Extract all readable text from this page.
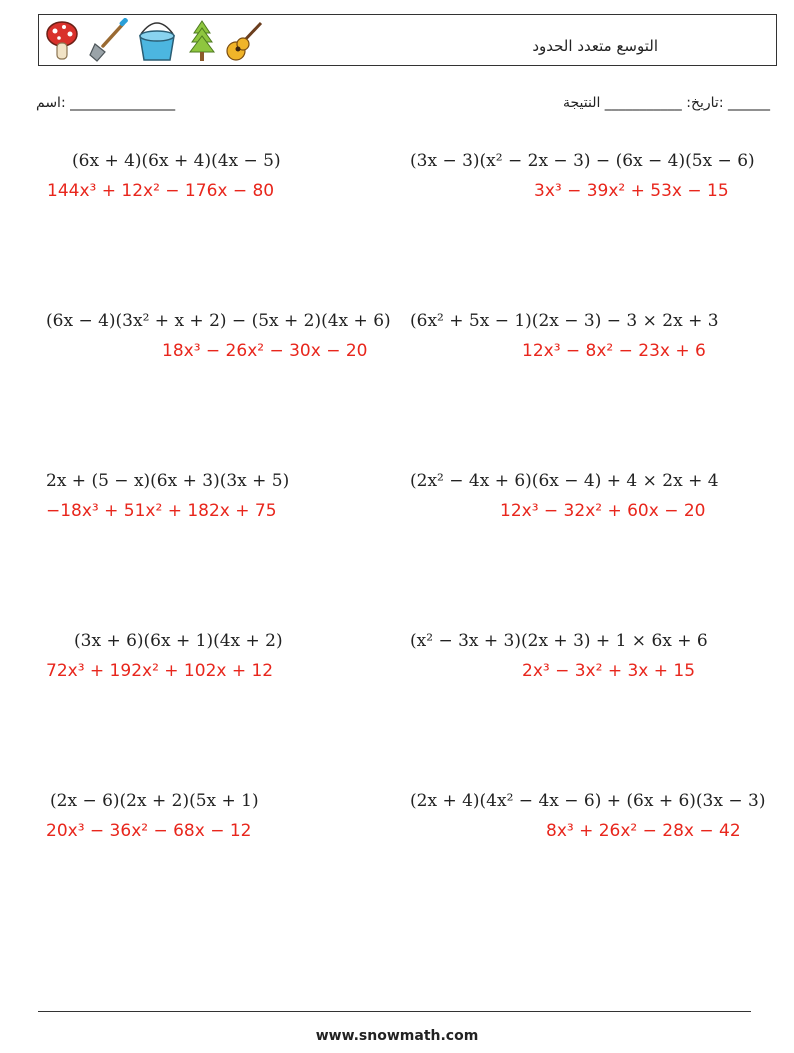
التوسع متعدد الحدود
_______________ :اسم	______ :تاريخ: ___________ النتيجة
(6x + 4)(6x + 4)(4x − 5)
144x³ + 12x² − 176x − 80
(3x − 3)(x² − 2x − 3) − (6x − 4)(5x − 6)
3x³ − 39x² + 53x − 15
(6x − 4)(3x² + x + 2) − (5x + 2)(4x + 6)
18x³ − 26x² − 30x − 20
(6x² + 5x − 1)(2x − 3) − 3 × 2x + 3
12x³ − 8x² − 23x + 6
2x + (5 − x)(6x + 3)(3x + 5)
−18x³ + 51x² + 182x + 75
(2x² − 4x + 6)(6x − 4) + 4 × 2x + 4
12x³ − 32x² + 60x − 20
(3x + 6)(6x + 1)(4x + 2)
72x³ + 192x² + 102x + 12
(x² − 3x + 3)(2x + 3) + 1 × 6x + 6
2x³ − 3x² + 3x + 15
(2x − 6)(2x + 2)(5x + 1)
20x³ − 36x² − 68x − 12
(2x + 4)(4x² − 4x − 6) + (6x + 6)(3x − 3)
8x³ + 26x² − 28x − 42
www.snowmath.com
